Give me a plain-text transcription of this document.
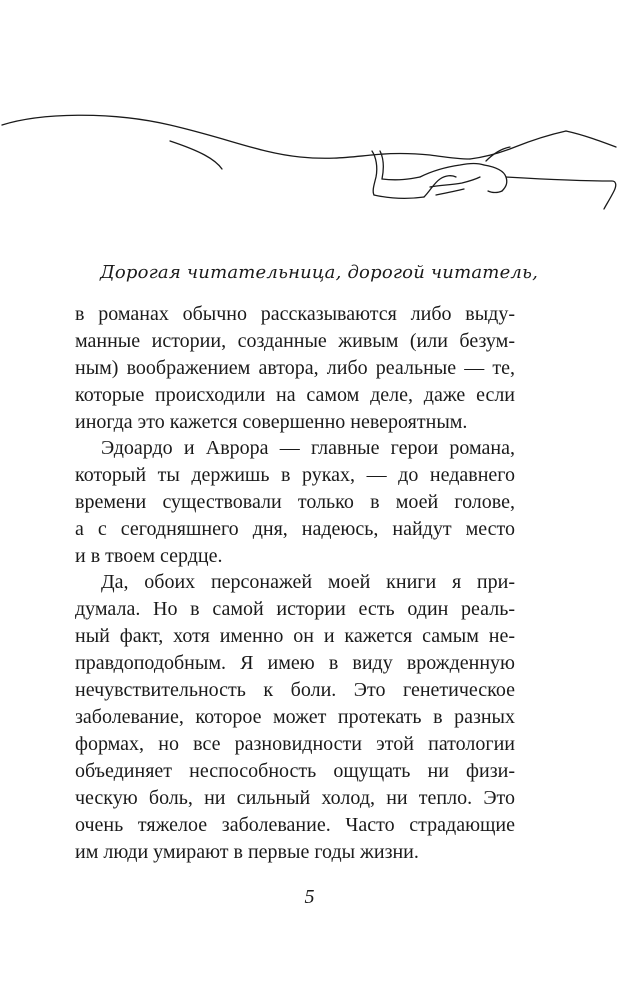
Дорогая читательница, дорогой читатель,
в романах обычно рассказываются либо выду-
манные истории, созданные живым (или безум-
ным) воображением автора, либо реальные — те,
которые происходили на самом деле, даже если
иногда это кажется совершенно невероятным.
Эдоардо и Аврора — главные герои романа,
который ты держишь в руках, — до недавнего
времени существовали только в моей голове,
а с сегодняшнего дня, надеюсь, найдут место
и в твоем сердце.
Да, обоих персонажей моей книги я при-
думала. Но в самой истории есть один реаль-
ный факт, хотя именно он и кажется самым не-
правдоподобным. Я имею в виду врожденную
нечувствительность к боли. Это генетическое
заболевание, которое может протекать в разных
формах, но все разновидности этой патологии
объединяет неспособность ощущать ни физи-
ческую боль, ни сильный холод, ни тепло. Это
очень тяжелое заболевание. Часто страдающие
им люди умирают в первые годы жизни.
5
